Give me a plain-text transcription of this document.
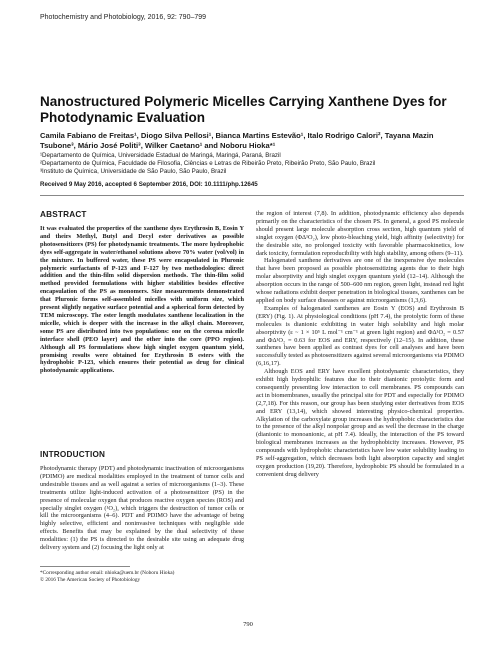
Photochemistry and Photobiology, 2016, 92: 790–799
Nanostructured Polymeric Micelles Carrying Xanthene Dyes for Photodynamic Evaluation

Camila Fabiano de Freitas¹, Diogo Silva Pellosi¹, Bianca Martins Estevão¹, Italo Rodrigo Calori², Tayana Mazin Tsubone³, Mário José Politi³, Wilker Caetano¹ and Noboru Hioka*¹

¹Departamento de Química, Universidade Estadual de Maringá, Maringá, Paraná, Brazil
²Departamento de Química, Faculdade de Filosofia, Ciências e Letras de Ribeirão Preto, Ribeirão Preto, São Paulo, Brazil
³Instituto de Química, Universidade de São Paulo, São Paulo, Brazil

Received 9 May 2016, accepted 6 September 2016, DOI: 10.1111/php.12645

ABSTRACT

It was evaluated the properties of the xanthene dyes Erythrosin B, Eosin Y and theirs Methyl, Butyl and Decyl ester derivatives as possible photosensitizers (PS) for photodynamic treatments. The more hydrophobic dyes self-aggregate in water/ethanol solutions above 70% water (vol/vol) in the mixture. In buffered water, these PS were encapsulated in Pluronic polymeric surfactants of P-123 and F-127 by two methodologies: direct addition and the thin-film solid dispersion methods. The thin-film solid method provided formulations with higher stabilities besides effective encapsulation of the PS as monomers. Size measurements demonstrated that Pluronic forms self-assembled micelles with uniform size, which present slightly negative surface potential and a spherical form detected by TEM microscopy. The ester length modulates xanthene localization in the micelle, which is deeper with the increase in the alkyl chain. Moreover, some PS are distributed into two populations: one on the corona micelle interface shell (PEO layer) and the other into the core (PPO region). Although all PS formulations show high singlet oxygen quantum yield, promising results were obtained for Erythrosin B esters with the hydrophobic P-123, which ensures their potential as drug for clinical photodynamic applications.

INTRODUCTION

Photodynamic therapy (PDT) and photodynamic inactivation of microorganisms (PDIMO) are medical modalities employed in the treatment of tumor cells and undesirable tissues and as well against a series of microorganisms (1–3). These treatments utilize light-induced activation of a photosensitizer (PS) in the presence of molecular oxygen that produces reactive oxygen species (ROS) and specially singlet oxygen (¹O₂), which triggers the destruction of tumor cells or kill the microorganisms (4–6). PDT and PDIMO have the advantage of being highly selective, efficient and noninvasive techniques with negligible side effects. Benefits that may be explained by the dual selectivity of these modalities: (1) the PS is directed to the desirable site using an adequate drug delivery system and (2) focusing the light only at

*Corresponding author email: nhioka@uem.br (Noboru Hioka)

© 2016 The American Society of Photobiology

the region of interest (7,8). In addition, photodynamic efficiency also depends primarily on the characteristics of the chosen PS. In general, a good PS molecule should present large molecule absorption cross section, high quantum yield of singlet oxygen (ΦΔ¹O₂), low photo-bleaching yield, high affinity (selectivity) for the desirable site, no prolonged toxicity with favorable pharmacokinetics, low dark toxicity, formulation reproducibility with high stability, among others (9–11).

Halogenated xanthene derivatives are one of the inexpensive dye molecules that have been proposed as possible photosensitizing agents due to their high molar absorptivity and high singlet oxygen quantum yield (12–14). Although the absorption occurs in the range of 500–600 nm region, green light, instead red light whose radiations exhibit deeper penetration in biological tissues, xanthenes can be applied on body surface diseases or against microorganisms (1,3,6).

Examples of halogenated xanthenes are Eosin Y (EOS) and Erythrosin B (ERY) (Fig. 1). At physiological conditions (pH 7.4), the protolytic form of these molecules is dianionic exhibiting in water high solubility and high molar absorptivity (ε ~ 1 × 10⁵ L mol⁻¹ cm⁻¹ at green light region) and ΦΔ¹O₂ = 0.57 and ΦΔ¹O₂ = 0.63 for EOS and ERY, respectively (12–15). In addition, these xanthenes have been applied as contrast dyes for cell analyses and have been successfully tested as photosensitizers against several microorganisms via PDIMO (6,16,17).

Although EOS and ERY have excellent photodynamic characteristics, they exhibit high hydrophilic features due to their dianionic protolytic form and consequently presenting low interaction to cell membranes. PS compounds can act in biomembranes, usually the principal site for PDT and especially for PDIMO (2,7,18). For this reason, our group has been studying ester derivatives from EOS and ERY (13,14), which showed interesting physico-chemical properties. Alkylation of the carboxylate group increases the hydrophobic characteristics due to the presence of the alkyl nonpolar group and as well the decrease in the charge (dianionic to monoanionic, at pH 7.4). Ideally, the interaction of the PS toward biological membranes increases as the hydrophobicity increases. However, PS compounds with hydrophobic characteristics have low water solubility leading to PS self-aggregation, which decreases both light absorption capacity and singlet oxygen production (19,20). Therefore, hydrophobic PS should be formulated in a convenient drug delivery

790
